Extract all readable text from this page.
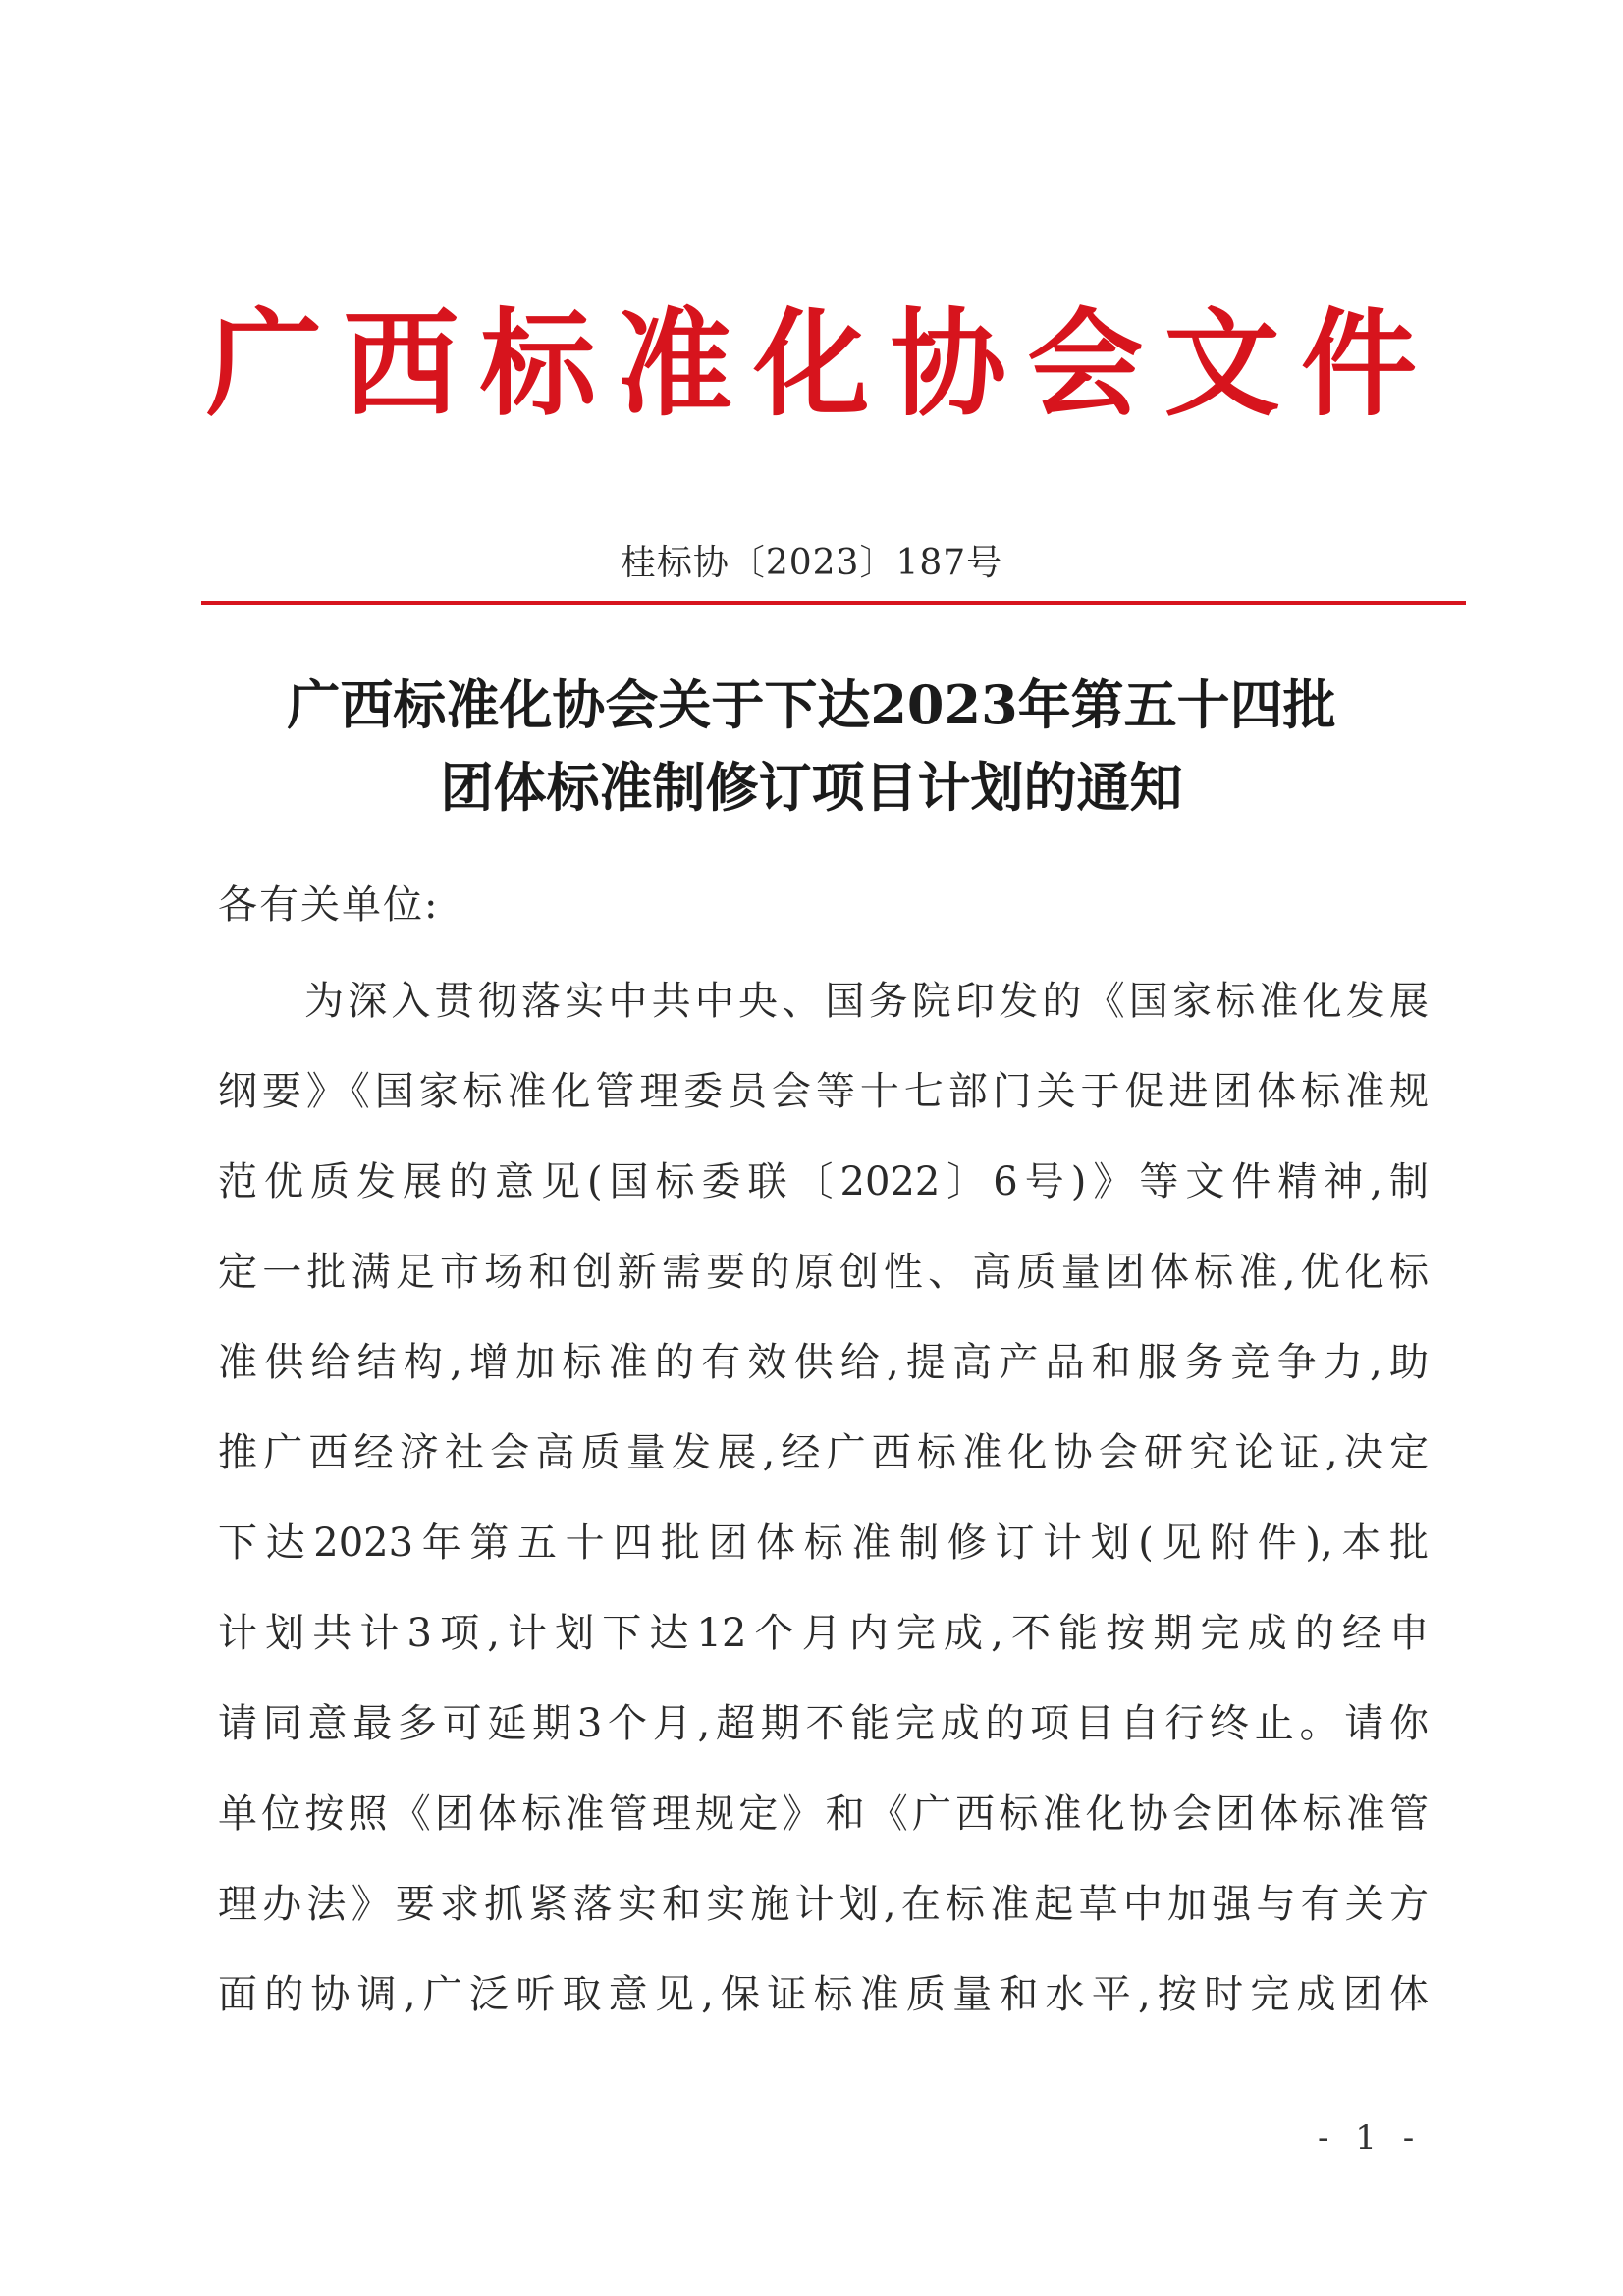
广西标准化协会文件
桂标协〔2023〕187号
广西标准化协会关于下达2023年第五十四批
团体标准制修订项目计划的通知
各有关单位:
为深入贯彻落实中共中央、国务院印发的《国家标准化发展
纲要》《国家标准化管理委员会等十七部门关于促进团体标准规
范优质发展的意见(国标委联〔2022〕6号)》等文件精神,制
定一批满足市场和创新需要的原创性、高质量团体标准,优化标
准供给结构,增加标准的有效供给,提高产品和服务竞争力,助
推广西经济社会高质量发展,经广西标准化协会研究论证,决定
下达2023年第五十四批团体标准制修订计划(见附件),本批
计划共计3项,计划下达12个月内完成,不能按期完成的经申
请同意最多可延期3个月,超期不能完成的项目自行终止。请你
单位按照《团体标准管理规定》和《广西标准化协会团体标准管
理办法》要求抓紧落实和实施计划,在标准起草中加强与有关方
面的协调,广泛听取意见,保证标准质量和水平,按时完成团体
- 1 -
